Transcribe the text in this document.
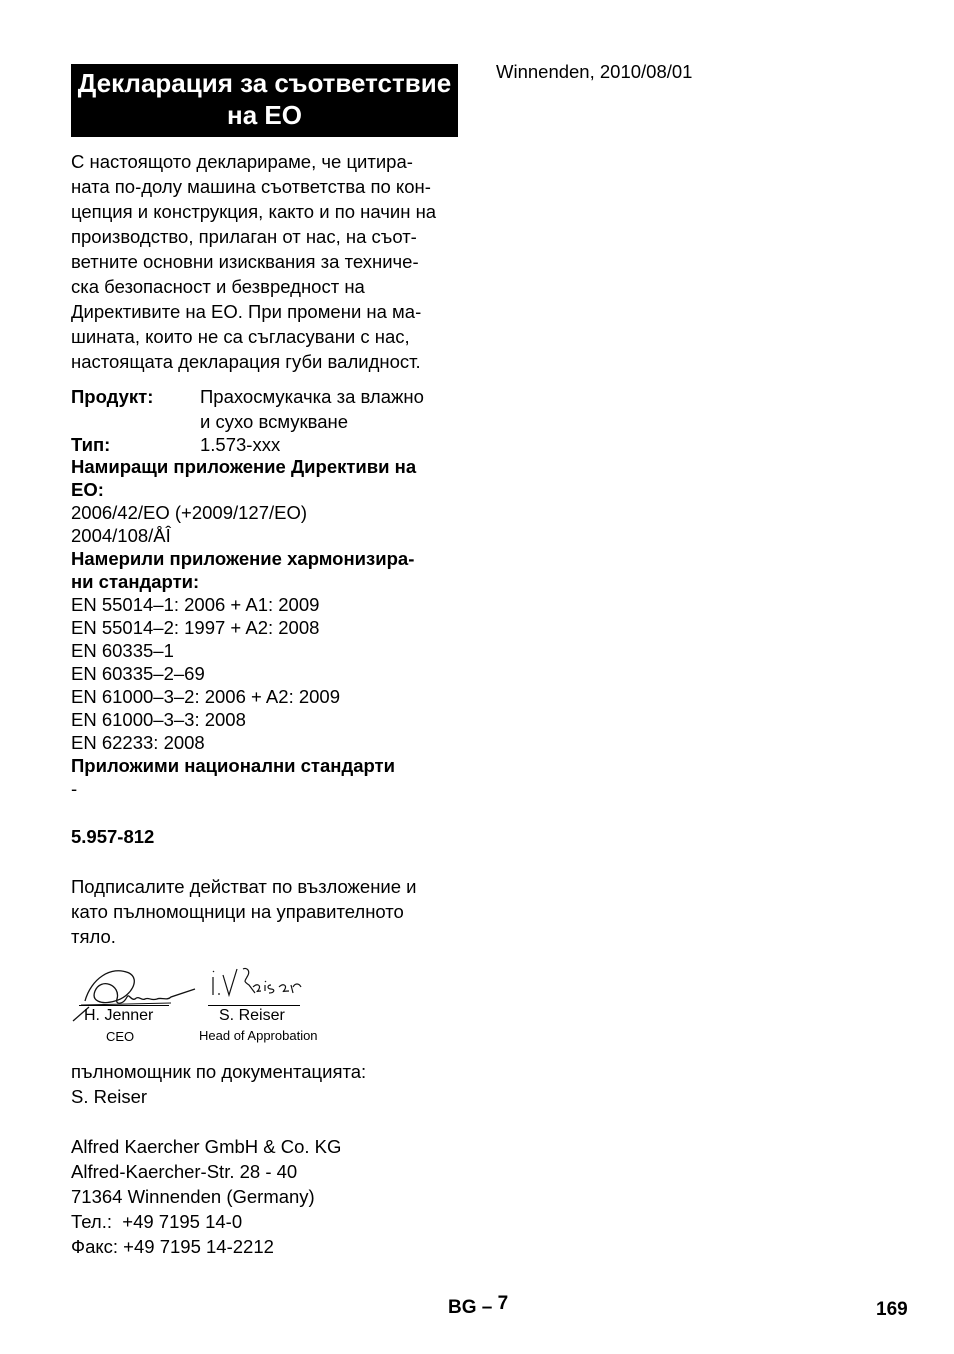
Winnenden, 2010/08/01
Декларация за съответствие
на ЕО
С настоящото декларираме, че цитира-
ната по-долу машина съответства по кон-
цепция и конструкция, както и по начин на
производство, прилаган от нас, на съот-
ветните основни изисквания за техниче-
ска безопасност и безвредност на
Директивите на ЕО. При промени на ма-
шината, които не са съгласувани с нас,
настоящата декларация губи валидност.
Продукт:	Прахосмукачка за влажно
и сухо всмукване
Тип:	1.573-xxx
Намиращи приложение Директиви на
ЕО:
2006/42/ЕО (+2009/127/ЕО)
2004/108/ÅÎ
Намерили приложение хармонизира-
ни стандарти:
EN 55014–1: 2006 + A1: 2009
EN 55014–2: 1997 + A2: 2008
EN 60335–1
EN 60335–2–69
EN 61000–3–2: 2006 + A2: 2009
EN 61000–3–3: 2008
EN 62233: 2008
Приложими национални стандарти
-
5.957-812
Подписалите действат по възложение и
като пълномощници на управителното
тяло.
H. Jenner
CEO
S. Reiser
Head of Approbation
пълномощник по документацията:
S. Reiser
Alfred Kaercher GmbH & Co. KG
Alfred-Kaercher-Str. 28 - 40
71364 Winnenden (Germany)
Тел.:  +49 7195 14-0
Факс: +49 7195 14-2212
BG – 7	169
